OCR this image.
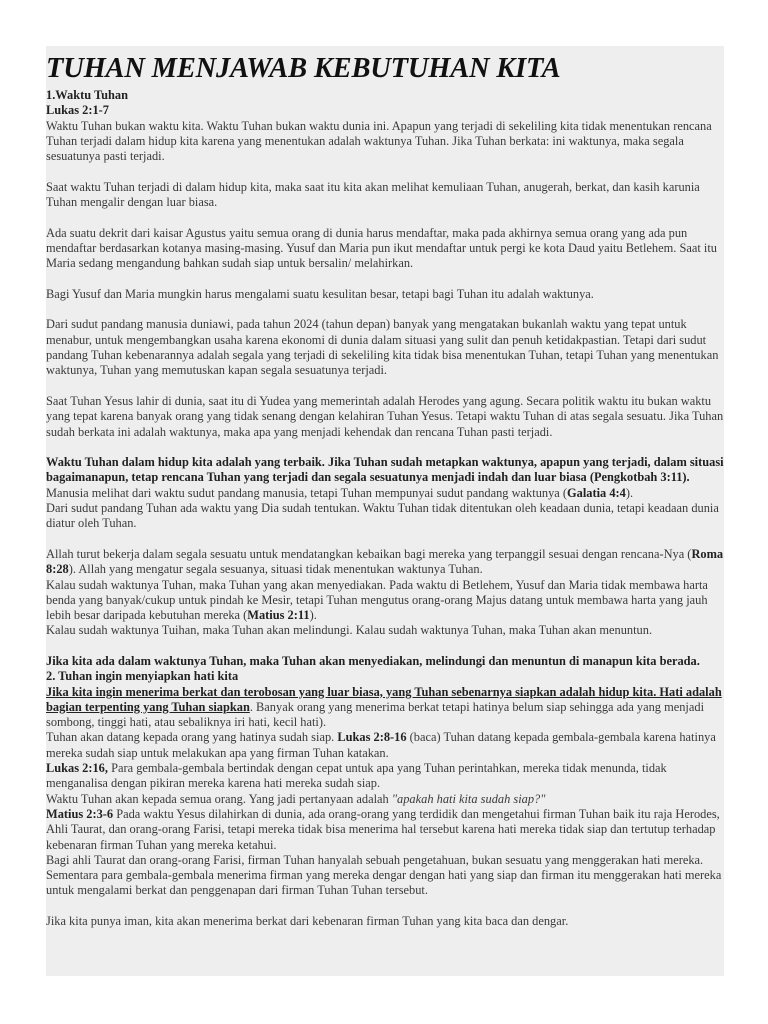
TUHAN MENJAWAB KEBUTUHAN KITA

1.Waktu Tuhan

Lukas 2:1-7

Waktu Tuhan bukan waktu kita. Waktu Tuhan bukan waktu dunia ini. Apapun yang terjadi di sekeliling kita tidak menentukan rencana Tuhan terjadi dalam hidup kita karena yang menentukan adalah waktunya Tuhan. Jika Tuhan berkata: ini waktunya, maka segala sesuatunya pasti terjadi.

Saat waktu Tuhan terjadi di dalam hidup kita, maka saat itu kita akan melihat kemuliaan Tuhan, anugerah, berkat, dan kasih karunia Tuhan mengalir dengan luar biasa.

Ada suatu dekrit dari kaisar Agustus yaitu semua orang di dunia harus mendaftar, maka pada akhirnya semua orang yang ada pun mendaftar berdasarkan kotanya masing-masing. Yusuf dan Maria pun ikut mendaftar untuk pergi ke kota Daud yaitu Betlehem. Saat itu Maria sedang mengandung bahkan sudah siap untuk bersalin/ melahirkan.

Bagi Yusuf dan Maria mungkin harus mengalami suatu kesulitan besar, tetapi bagi Tuhan itu adalah waktunya.

Dari sudut pandang manusia duniawi, pada tahun 2024 (tahun depan) banyak yang mengatakan bukanlah waktu yang tepat untuk menabur, untuk mengembangkan usaha karena ekonomi di dunia dalam situasi yang sulit dan penuh ketidakpastian. Tetapi dari sudut pandang Tuhan kebenarannya adalah segala yang terjadi di sekeliling kita tidak bisa menentukan Tuhan, tetapi Tuhan yang menentukan waktunya, Tuhan yang memutuskan kapan segala sesuatunya terjadi.

Saat Tuhan Yesus lahir di dunia, saat itu di Yudea yang memerintah adalah Herodes yang agung. Secara politik waktu itu bukan waktu yang tepat karena banyak orang yang tidak senang dengan kelahiran Tuhan Yesus. Tetapi waktu Tuhan di atas segala sesuatu. Jika Tuhan sudah berkata ini adalah waktunya, maka apa yang menjadi kehendak dan rencana Tuhan pasti terjadi.

Waktu Tuhan dalam hidup kita adalah yang terbaik. Jika Tuhan sudah metapkan waktunya, apapun yang terjadi, dalam situasi bagaimanapun, tetap rencana Tuhan yang terjadi dan segala sesuatunya menjadi indah dan luar biasa (Pengkotbah 3:11).

Manusia melihat dari waktu sudut pandang manusia, tetapi Tuhan mempunyai sudut pandang waktunya (Galatia 4:4).

Dari sudut pandang Tuhan ada waktu yang Dia sudah tentukan. Waktu Tuhan tidak ditentukan oleh keadaan dunia, tetapi keadaan dunia diatur oleh Tuhan.

Allah turut bekerja dalam segala sesuatu untuk mendatangkan kebaikan bagi mereka yang terpanggil sesuai dengan rencana-Nya (Roma 8:28). Allah yang mengatur segala sesuanya, situasi tidak menentukan waktunya Tuhan.

Kalau sudah waktunya Tuhan, maka Tuhan yang akan menyediakan. Pada waktu di Betlehem, Yusuf dan Maria tidak membawa harta benda yang banyak/cukup untuk pindah ke Mesir, tetapi Tuhan mengutus orang-orang Majus datang untuk membawa harta yang jauh lebih besar daripada kebutuhan mereka (Matius 2:11).

Kalau sudah waktunya Tuihan, maka Tuhan akan melindungi. Kalau sudah waktunya Tuhan, maka Tuhan akan menuntun.

Jika kita ada dalam waktunya Tuhan, maka Tuhan akan menyediakan, melindungi dan menuntun di manapun kita berada.

2. Tuhan ingin menyiapkan hati kita

Jika kita ingin menerima berkat dan terobosan yang luar biasa, yang Tuhan sebenarnya siapkan adalah hidup kita. Hati adalah bagian terpenting yang Tuhan siapkan. Banyak orang yang menerima berkat tetapi hatinya belum siap sehingga ada yang menjadi sombong, tinggi hati, atau sebaliknya iri hati, kecil hati).

Tuhan akan datang kepada orang yang hatinya sudah siap. Lukas 2:8-16 (baca) Tuhan datang kepada gembala-gembala karena hatinya mereka sudah siap untuk melakukan apa yang firman Tuhan katakan.

Lukas 2:16, Para gembala-gembala bertindak dengan cepat untuk apa yang Tuhan perintahkan, mereka tidak menunda, tidak menganalisa dengan pikiran mereka karena hati mereka sudah siap.

Waktu Tuhan akan kepada semua orang. Yang jadi pertanyaan adalah "apakah hati kita sudah siap?"

Matius 2:3-6 Pada waktu Yesus dilahirkan di dunia, ada orang-orang yang terdidik dan mengetahui firman Tuhan baik itu raja Herodes, Ahli Taurat, dan orang-orang Farisi, tetapi mereka tidak bisa menerima hal tersebut karena hati mereka tidak siap dan tertutup terhadap kebenaran firman Tuhan yang mereka ketahui.

Bagi ahli Taurat dan orang-orang Farisi, firman Tuhan hanyalah sebuah pengetahuan, bukan sesuatu yang menggerakan hati mereka. Sementara para gembala-gembala menerima firman yang mereka dengar dengan hati yang siap dan firman itu menggerakan hati mereka untuk mengalami berkat dan penggenapan dari firman Tuhan Tuhan tersebut.

Jika kita punya iman, kita akan menerima berkat dari kebenaran firman Tuhan yang kita baca dan dengar.
